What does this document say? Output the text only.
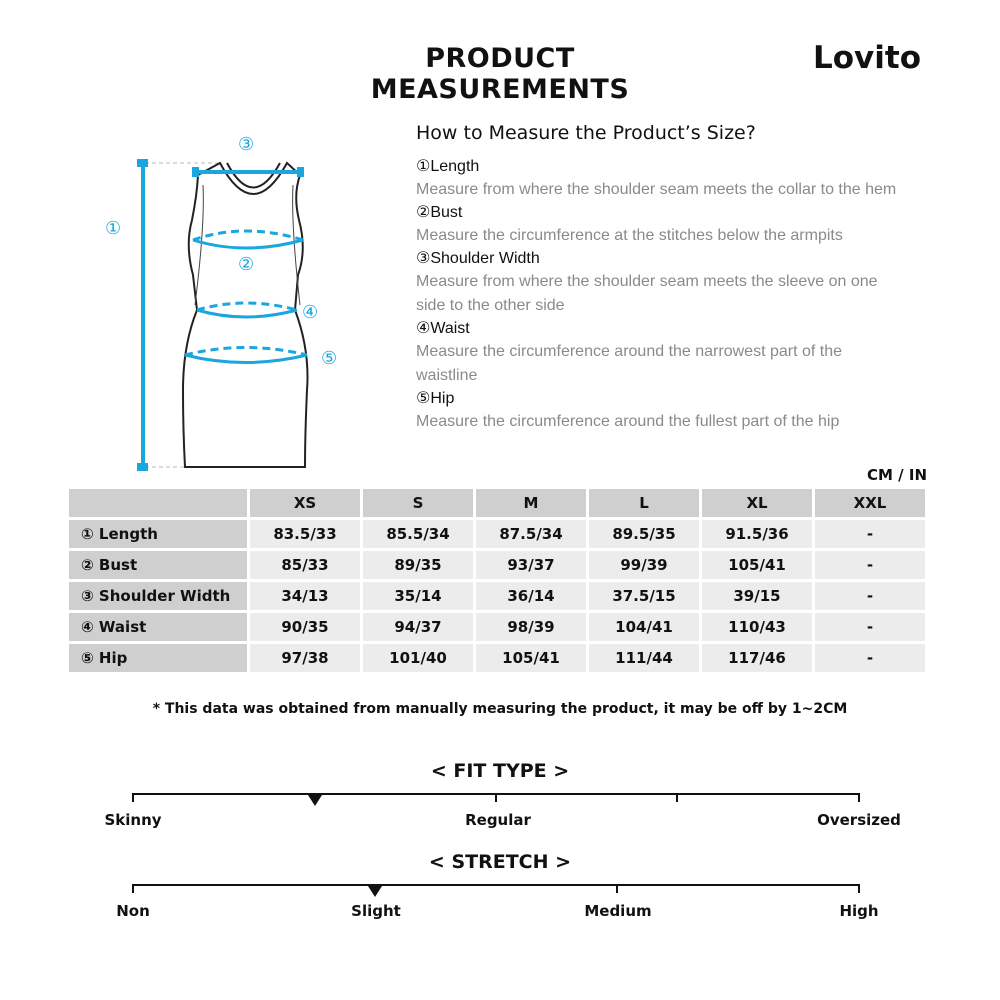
PRODUCT MEASUREMENTS
Lovito
①
②
③
④
⑤
How to Measure the Product’s Size?
①Length
Measure from where the shoulder seam meets the collar to the hem
②Bust
Measure the circumference at the stitches below the armpits
③Shoulder Width
Measure from where the shoulder seam meets the sleeve on one side to the other side
④Waist
Measure the circumference around the narrowest part of the waistline
⑤Hip
Measure the circumference around the fullest part of the hip
CM / IN
	XS	S	M	L	XL	XXL
① Length	83.5/33	85.5/34	87.5/34	89.5/35	91.5/36	-
② Bust	85/33	89/35	93/37	99/39	105/41	-
③ Shoulder Width	34/13	35/14	36/14	37.5/15	39/15	-
④ Waist	90/35	94/37	98/39	104/41	110/43	-
⑤ Hip	97/38	101/40	105/41	111/44	117/46	-
* This data was obtained from manually measuring the product, it may be off by 1~2CM
< FIT TYPE >
Skinny	Regular	Oversized
< STRETCH >
Non	Slight	Medium	High
